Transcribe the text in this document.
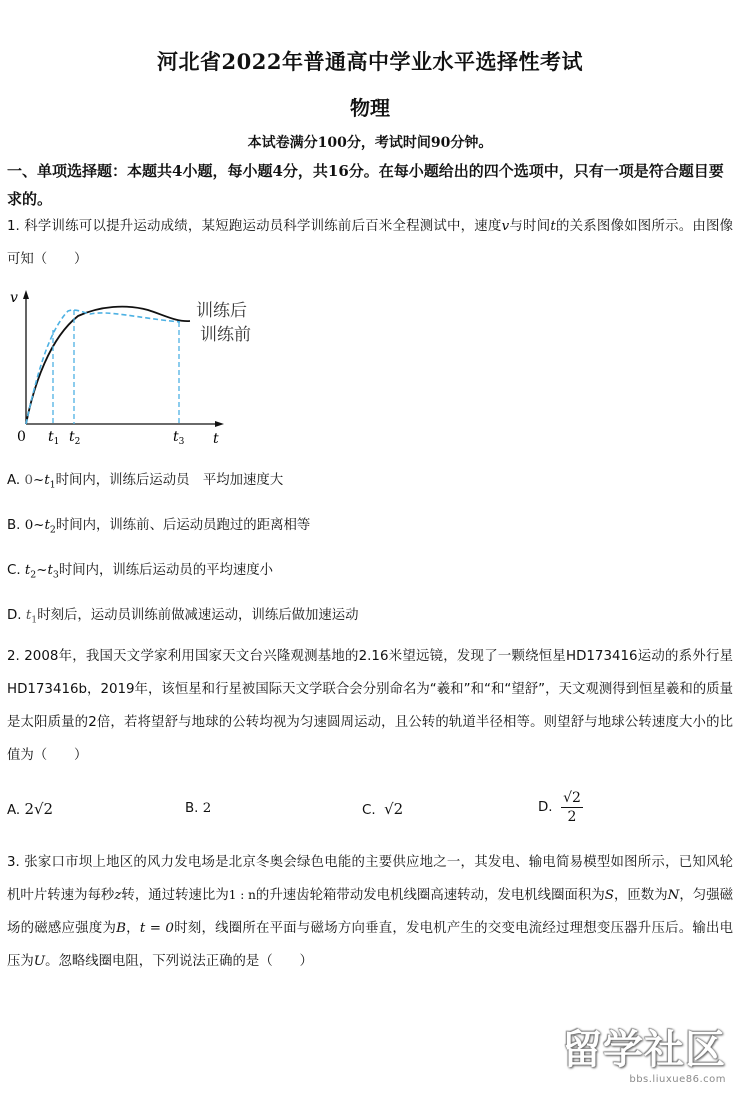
河北省2022年普通高中学业水平选择性考试
物理
本试卷满分100分，考试时间90分钟。
一、单项选择题：本题共4小题，每小题4分，共16分。在每小题给出的四个选项中，只有一项是符合题目要求的。
1. 科学训练可以提升运动成绩，某短跑运动员科学训练前后百米全程测试中，速度v与时间t的关系图像如图所示。由图像可知（　　）
v
t
0 $t_1$ $t_2$	$t_3$
训练后
训练前
A. $0\sim t_1$时间内，训练后运动员　平均加速度大
B. $0\sim t_2$时间内，训练前、后运动员跑过的距离相等
C. $t_2\sim t_3$时间内，训练后运动员的平均速度小
D. $t_1$时刻后，运动员训练前做减速运动，训练后做加速运动
2. 2008年，我国天文学家利用国家天文台兴隆观测基地的2.16米望远镜，发现了一颗绕恒星HD173416运动的系外行星HD173416b，2019年，该恒星和行星被国际天文学联合会分别命名为“羲和”和“和“望舒”，天文观测得到恒星羲和的质量是太阳质量的2倍，若将望舒与地球的公转均视为匀速圆周运动，且公转的轨道半径相等。则望舒与地球公转速度大小的比值为（　　）
A. 2√2	B. 2	C. √2	D. $\frac{√2}{2}$
3. 张家口市坝上地区的风力发电场是北京冬奥会绿色电能的主要供应地之一，其发电、输电简易模型如图所示，已知风轮机叶片转速为每秒z转，通过转速比为1 : n的升速齿轮箱带动发电机线圈高速转动，发电机线圈面积为S，匝数为N，匀强磁场的磁感应强度为B，t = 0时刻，线圈所在平面与磁场方向垂直，发电机产生的交变电流经过理想变压器升压后。输出电压为U。忽略线圈电阻，下列说法正确的是（　　）
留学社区
bbs.liuxue86.com
